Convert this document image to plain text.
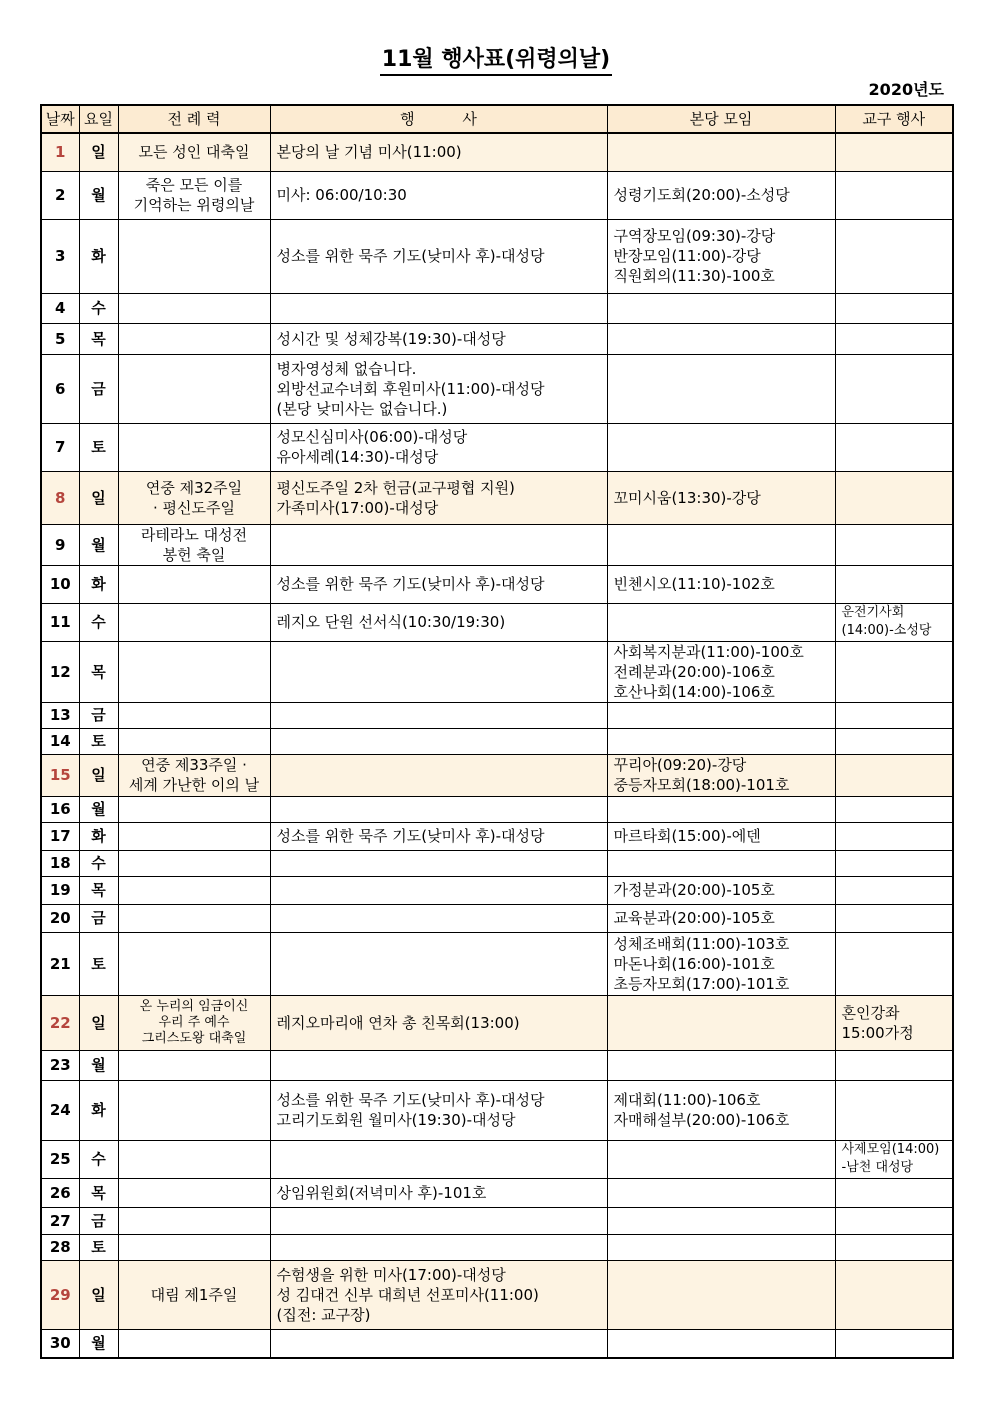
11월 행사표(위령의날)
2020년도
날짜	요일	전 례 력	행          사	본당 모임	교구 행사
1	일	모든 성인 대축일	본당의 날 기념 미사(11:00)		

2	월	죽은 모든 이를
기억하는 위령의날	미사: 06:00/10:30	성령기도회(20:00)-소성당	

3	화		성소를 위한 묵주 기도(낮미사 후)-대성당	구역장모임(09:30)-강당
반장모임(11:00)-강당
직원회의(11:30)-100호	

4	수				
5	목		성시간 및 성체강복(19:30)-대성당		

6	금		병자영성체 없습니다.
외방선교수녀회 후원미사(11:00)-대성당
(본당 낮미사는 없습니다.)		

7	토		성모신심미사(06:00)-대성당
유아세례(14:30)-대성당		

8	일	연중 제32주일
· 평신도주일	평신도주일 2차 헌금(교구평협 지원)
가족미사(17:00)-대성당	꼬미시움(13:30)-강당	

9	월	라테라노 대성전
봉헌 축일			

10	화		성소를 위한 묵주 기도(낮미사 후)-대성당	빈첸시오(11:10)-102호	

11	수		레지오 단원 선서식(10:30/19:30)		운전기사회
(14:00)-소성당

12	목			사회복지분과(11:00)-100호
전례분과(20:00)-106호
호산나회(14:00)-106호	

13	금				
14	토				
15	일	연중 제33주일 ·
세계 가난한 이의 날		꾸리아(09:20)-강당
중등자모회(18:00)-101호	

16	월				
17	화		성소를 위한 묵주 기도(낮미사 후)-대성당	마르타회(15:00)-에덴	

18	수				
19	목			가정분과(20:00)-105호	

20	금			교육분과(20:00)-105호	

21	토			성체조배회(11:00)-103호
마돈나회(16:00)-101호
초등자모회(17:00)-101호	

22	일	온 누리의 임금이신
우리 주 예수
그리스도왕 대축일	레지오마리애 연차 총 친목회(13:00)		혼인강좌
15:00가정

23	월				
24	화		성소를 위한 묵주 기도(낮미사 후)-대성당
고리기도회원 월미사(19:30)-대성당	제대회(11:00)-106호
자매해설부(20:00)-106호	

25	수				사제모임(14:00)
-남천 대성당

26	목		상임위원회(저녁미사 후)-101호		

27	금				
28	토				
29	일	대림 제1주일	수험생을 위한 미사(17:00)-대성당
성 김대건 신부 대희년 선포미사(11:00)
(집전: 교구장)		

30	월				
